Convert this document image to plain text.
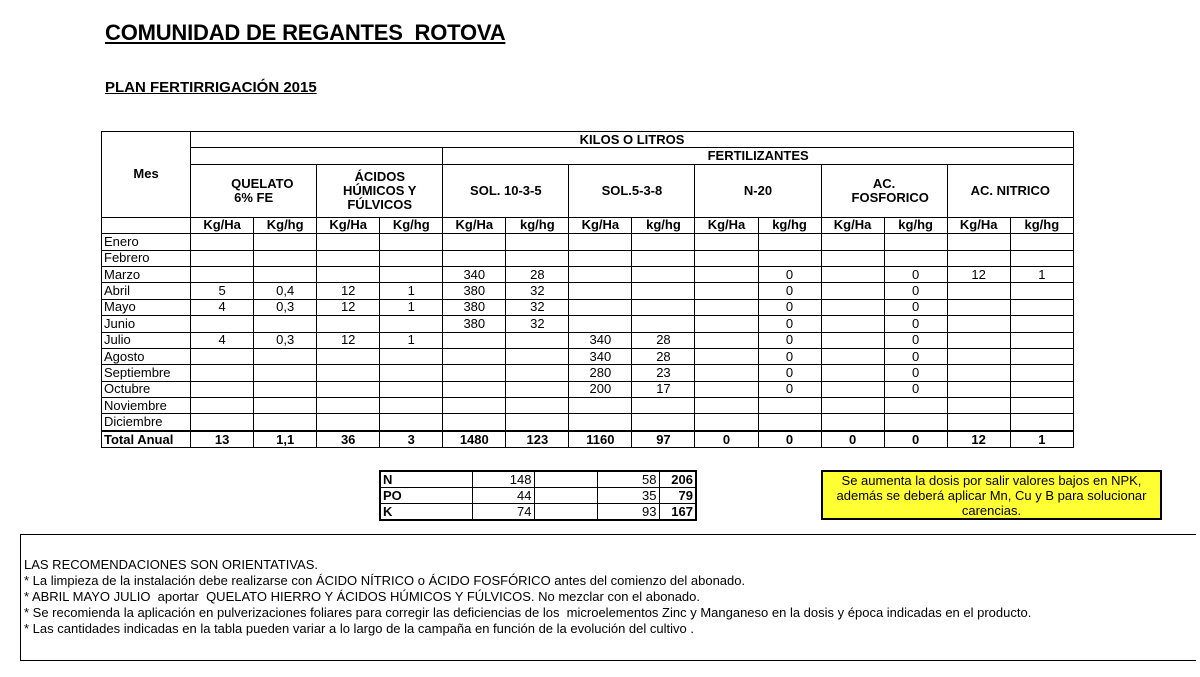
COMUNIDAD DE REGANTES  ROTOVA
PLAN FERTIRRIGACIÓN 2015
Mes	KILOS O LITROS													
					FERTILIZANTES									
	QUELATO 6% FE		ÁCIDOS HÚMICOS Y FÚLVICOS		SOL. 10-3-5		SOL.5-3-8		N-20		AC. FOSFORICO		AC. NITRICO	
	Kg/Ha	Kg/hg	Kg/Ha	Kg/hg	Kg/Ha	kg/hg	Kg/Ha	kg/hg	Kg/Ha	kg/hg	Kg/Ha	kg/hg	Kg/Ha	kg/hg
Enero														
Febrero														
Marzo					340	28				0		0	12	1
Abril	5	0,4	12	1	380	32				0		0		
Mayo	4	0,3	12	1	380	32				0		0		
Junio					380	32				0		0		
Julio	4	0,3	12	1			340	28		0		0		
Agosto							340	28		0		0		
Septiembre							280	23		0		0		
Octubre							200	17		0		0		
Noviembre														
Diciembre														
Total Anual	13	1,1	36	3	1480	123	1160	97	0	0	0	0	12	1
N	148		58	206
PO	44		35	79
K	74		93	167
Se aumenta la dosis por salir valores bajos en NPK,
además se deberá aplicar Mn, Cu y B para solucionar
carencias.
LAS RECOMENDACIONES SON ORIENTATIVAS.
* La limpieza de la instalación debe realizarse con ÁCIDO NÍTRICO o ÁCIDO FOSFÓRICO antes del comienzo del abonado.
* ABRIL MAYO JULIO  aportar  QUELATO HIERRO Y ÁCIDOS HÚMICOS Y FÚLVICOS. No mezclar con el abonado.
* Se recomienda la aplicación en pulverizaciones foliares para corregir las deficiencias de los  microelementos Zinc y Manganeso en la dosis y época indicadas en el producto.
* Las cantidades indicadas en la tabla pueden variar a lo largo de la campaña en función de la evolución del cultivo .
